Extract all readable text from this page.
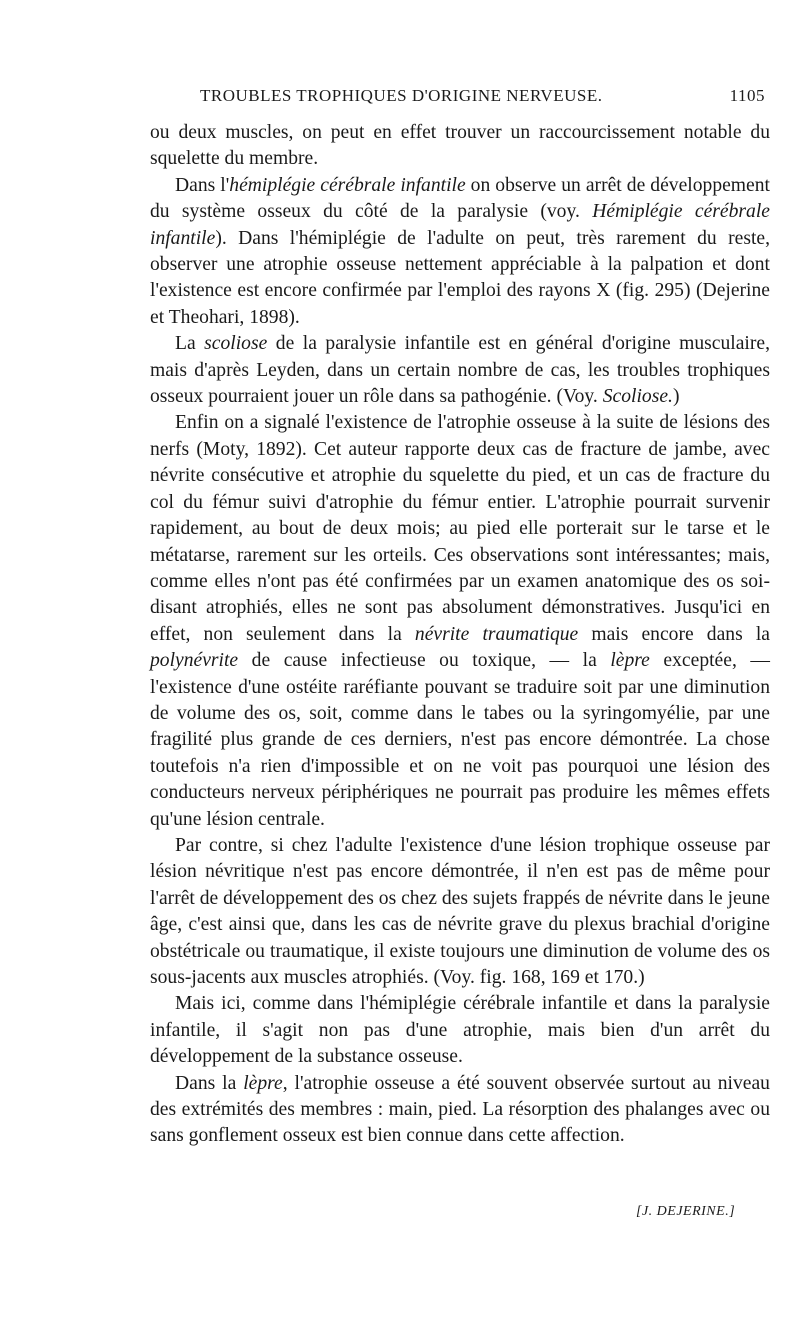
TROUBLES TROPHIQUES D'ORIGINE NERVEUSE.	1105

ou deux muscles, on peut en effet trouver un raccourcissement notable du squelette du membre.

Dans l'hémiplégie cérébrale infantile on observe un arrêt de développement du système osseux du côté de la paralysie (voy. Hémiplégie cérébrale infantile). Dans l'hémiplégie de l'adulte on peut, très rarement du reste, observer une atrophie osseuse nettement appréciable à la palpation et dont l'existence est encore confirmée par l'emploi des rayons X (fig. 295) (Dejerine et Theohari, 1898).

La scoliose de la paralysie infantile est en général d'origine musculaire, mais d'après Leyden, dans un certain nombre de cas, les troubles trophiques osseux pourraient jouer un rôle dans sa pathogénie. (Voy. Scoliose.)

Enfin on a signalé l'existence de l'atrophie osseuse à la suite de lésions des nerfs (Moty, 1892). Cet auteur rapporte deux cas de fracture de jambe, avec névrite consécutive et atrophie du squelette du pied, et un cas de fracture du col du fémur suivi d'atrophie du fémur entier. L'atrophie pourrait survenir rapidement, au bout de deux mois; au pied elle porterait sur le tarse et le métatarse, rarement sur les orteils. Ces observations sont intéressantes; mais, comme elles n'ont pas été confirmées par un examen anatomique des os soi-disant atrophiés, elles ne sont pas absolument démonstratives. Jusqu'ici en effet, non seulement dans la névrite traumatique mais encore dans la polynévrite de cause infectieuse ou toxique, — la lèpre exceptée, — l'existence d'une ostéite raréfiante pouvant se traduire soit par une diminution de volume des os, soit, comme dans le tabes ou la syringomyélie, par une fragilité plus grande de ces derniers, n'est pas encore démontrée. La chose toutefois n'a rien d'impossible et on ne voit pas pourquoi une lésion des conducteurs nerveux périphériques ne pourrait pas produire les mêmes effets qu'une lésion centrale.

Par contre, si chez l'adulte l'existence d'une lésion trophique osseuse par lésion névritique n'est pas encore démontrée, il n'en est pas de même pour l'arrêt de développement des os chez des sujets frappés de névrite dans le jeune âge, c'est ainsi que, dans les cas de névrite grave du plexus brachial d'origine obstétricale ou traumatique, il existe toujours une diminution de volume des os sous-jacents aux muscles atrophiés. (Voy. fig. 168, 169 et 170.)

Mais ici, comme dans l'hémiplégie cérébrale infantile et dans la paralysie infantile, il s'agit non pas d'une atrophie, mais bien d'un arrêt du développement de la substance osseuse.

Dans la lèpre, l'atrophie osseuse a été souvent observée surtout au niveau des extrémités des membres : main, pied. La résorption des phalanges avec ou sans gonflement osseux est bien connue dans cette affection.

[J. DEJERINE.]
